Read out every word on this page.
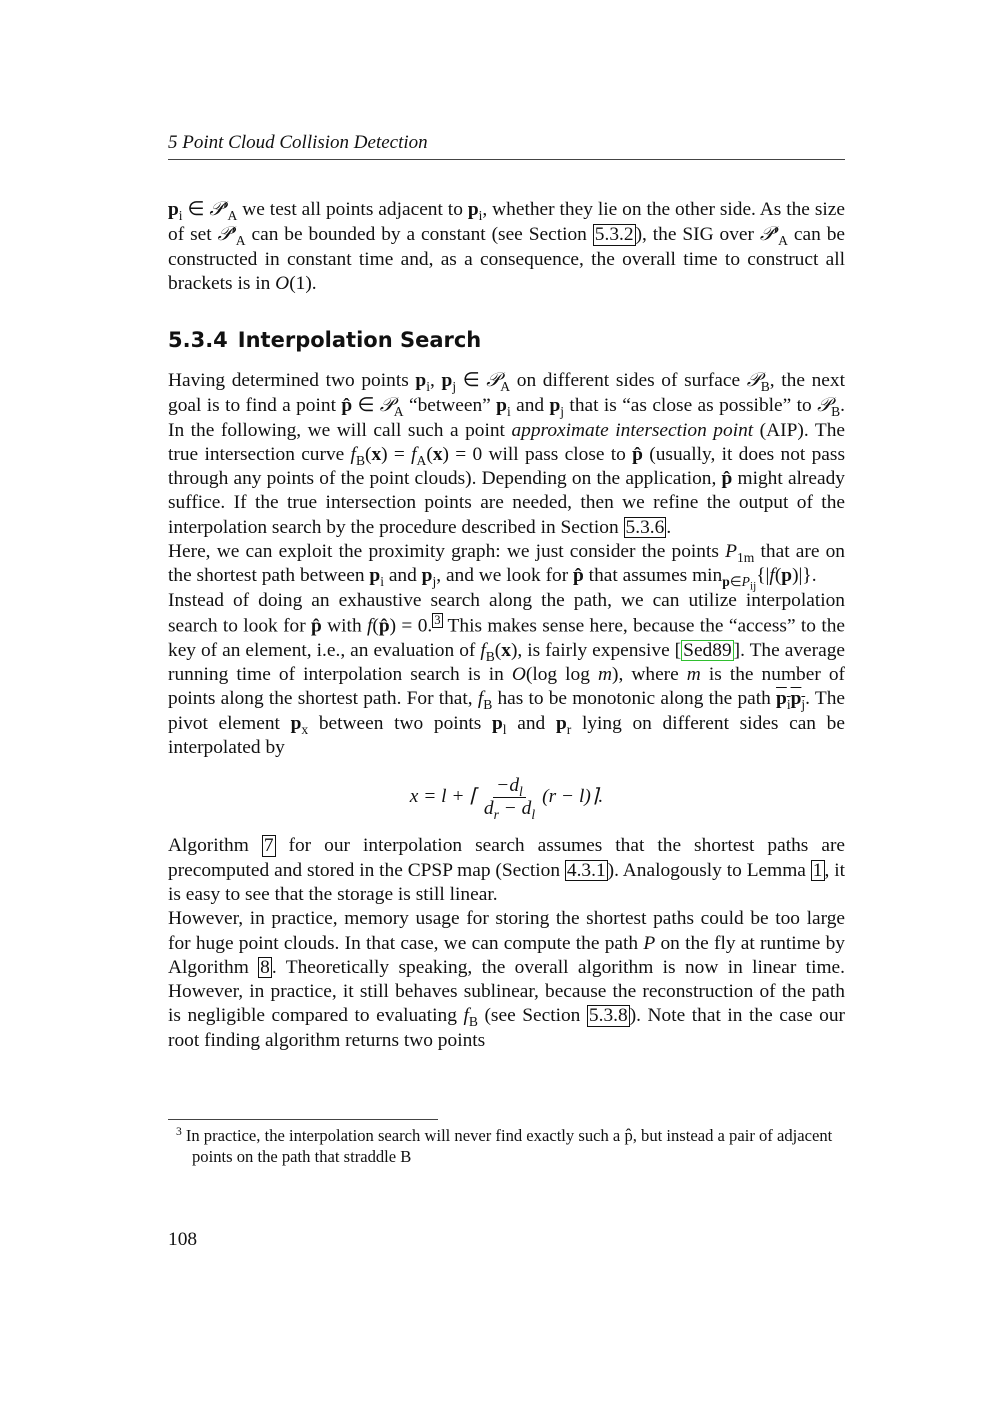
5 Point Cloud Collision Detection
$p_i$ ∈ $𝒫'_A$ we test all points adjacent to $p_i$, whether they lie on the other side. As the size of set $𝒫'_A$ can be bounded by a constant (see Section 5.3.2 ), the SIG over $𝒫'_A$ can be constructed in constant time and, as a consequence, the overall time to construct all brackets is in O(1).
5.3.4 Interpolation Search

Having determined two points $p_i$, $p_j$ ∈ 𝒫$_A$ on different sides of surface 𝒫$_B$, the next goal is to find a point p̂ ∈ 𝒫$_A$ “between” $p_i$ and $p_j$ that is “as close as possible” to 𝒫$_B$. In the following, we will call such a point approximate intersection point (AIP). The true intersection curve $f_B(x) = f_A(x) = 0$ will pass close to p̂ (usually, it does not pass through any points of the point clouds). Depending on the application, p̂ might already suffice. If the true intersection points are needed, then we refine the output of the interpolation search by the procedure described in Section 5.3.6 .

Here, we can exploit the proximity graph: we just consider the points $P_{1m}$ that are on the shortest path between $p_i$ and $p_j$, and we look for p̂ that assumes $\min_{p\in P_{ij}}\{|f(p)|\}$.

Instead of doing an exhaustive search along the path, we can utilize interpolation search to look for p̂ with f(p̂) = 0. 3 This makes sense here, because the “access” to the key of an element, i.e., an evaluation of $f_B(x)$, is fairly expensive [ Sed89 ]. The average running time of interpolation search is in O(log log m), where m is the number of points along the shortest path. For that, $f_B$ has to be monotonic along the path $p_ip_j$. The pivot element $p_x$ between two points $p_l$ and $p_r$ lying on different sides can be interpolated by

x = l + ⌈ $\frac{-d_l}{d_r - d_l} (r$ − l)⌉.

Algorithm 7 for our interpolation search assumes that the shortest paths are precomputed and stored in the CPSP map (Section 4.3.1 ). Analogously to Lemma 1 , it is easy to see that the storage is still linear.

However, in practice, memory usage for storing the shortest paths could be too large for huge point clouds. In that case, we can compute the path P on the fly at runtime by Algorithm 8 . Theoretically speaking, the overall algorithm is now in linear time. However, in practice, it still behaves sublinear, because the reconstruction of the path is negligible compared to evaluating $f_B$ (see Section 5.3.8 ). Note that in the case our root finding algorithm returns two points

$^3$ In practice, the interpolation search will never find exactly such a p̂, but instead a pair of adjacent points on the path that straddle B
108
